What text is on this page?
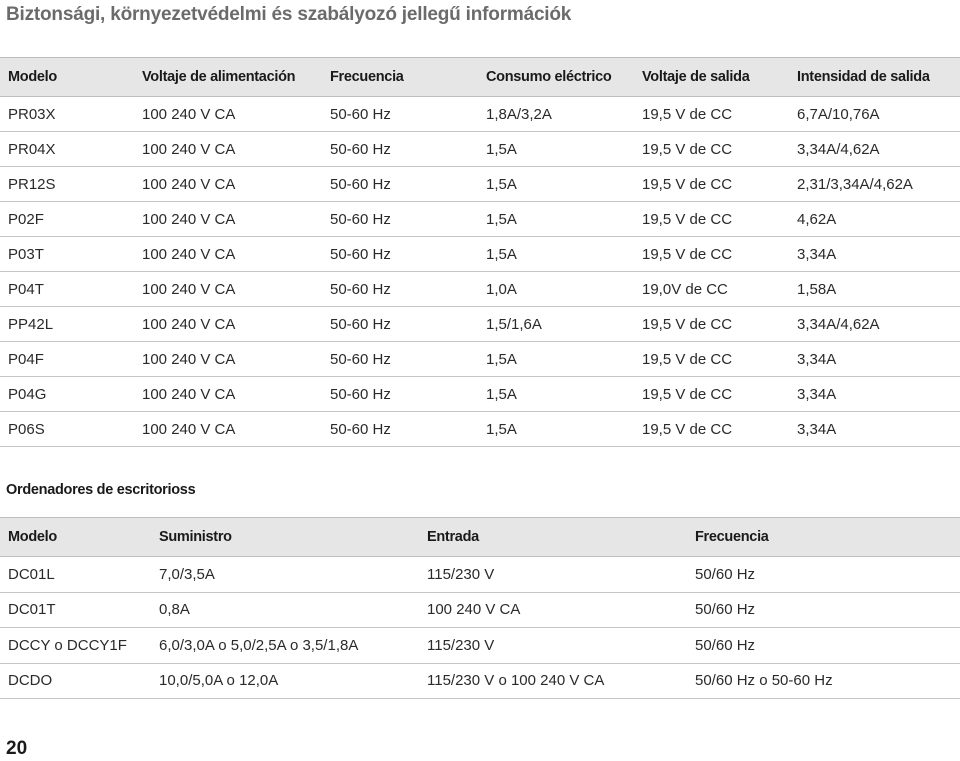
Biztonsági, környezetvédelmi és szabályozó jellegű információk
Modelo	Voltaje de alimentación	Frecuencia	Consumo eléctrico	Voltaje de salida	Intensidad de salida
PR03X	100 240 V CA	50-60 Hz	1,8A/3,2A	19,5 V de CC	6,7A/10,76A
PR04X	100 240 V CA	50-60 Hz	1,5A	19,5 V de CC	3,34A/4,62A
PR12S	100 240 V CA	50-60 Hz	1,5A	19,5 V de CC	2,31/3,34A/4,62A
P02F	100 240 V CA	50-60 Hz	1,5A	19,5 V de CC	4,62A
P03T	100 240 V CA	50-60 Hz	1,5A	19,5 V de CC	3,34A
P04T	100 240 V CA	50-60 Hz	1,0A	19,0V de CC	1,58A
PP42L	100 240 V CA	50-60 Hz	1,5/1,6A	19,5 V de CC	3,34A/4,62A
P04F	100 240 V CA	50-60 Hz	1,5A	19,5 V de CC	3,34A
P04G	100 240 V CA	50-60 Hz	1,5A	19,5 V de CC	3,34A
P06S	100 240 V CA	50-60 Hz	1,5A	19,5 V de CC	3,34A
Ordenadores de escritorioss
Modelo	Suministro	Entrada	Frecuencia
DC01L	7,0/3,5A	115/230 V	50/60 Hz
DC01T	0,8A	100 240 V CA	50/60 Hz
DCCY o DCCY1F	6,0/3,0A o 5,0/2,5A o 3,5/1,8A	115/230 V	50/60 Hz
DCDO	10,0/5,0A o 12,0A	115/230 V o 100 240 V CA	50/60 Hz o 50-60 Hz
20
